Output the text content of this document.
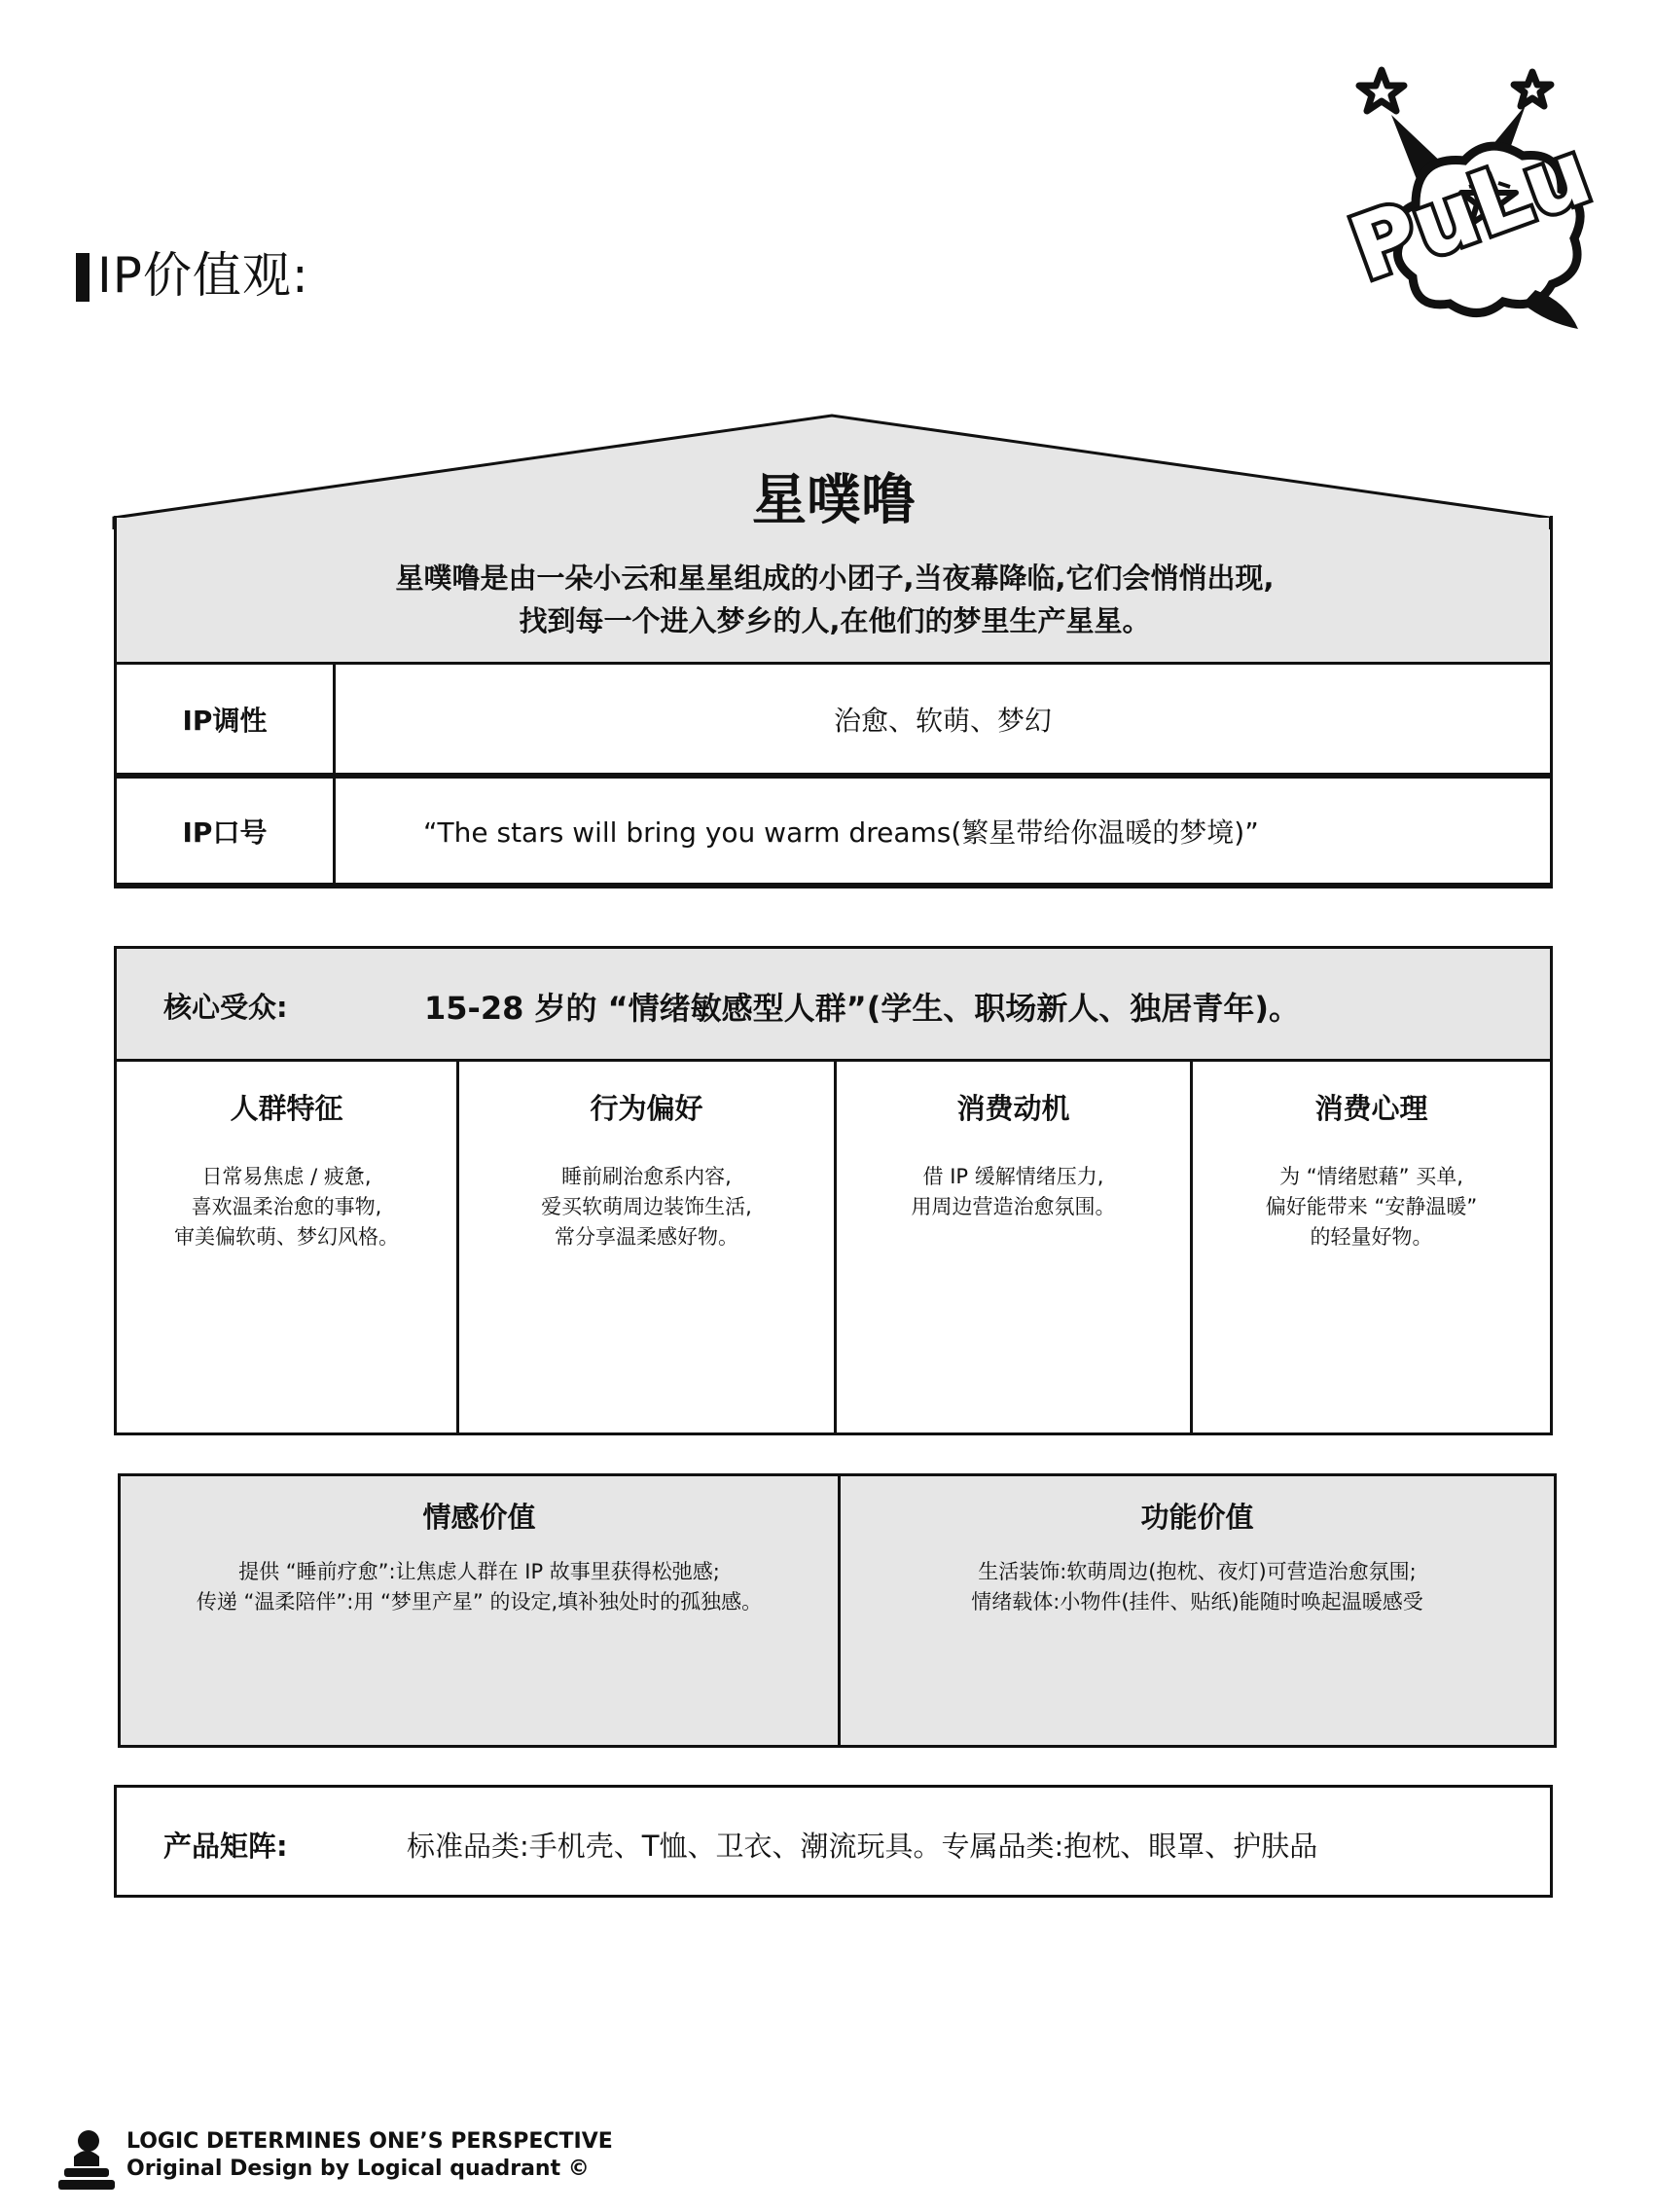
IP价值观:	PuLu
星噗噜
星噗噜是由一朵小云和星星组成的小团子,当夜幕降临,它们会悄悄出现,
找到每一个进入梦乡的人,在他们的梦里生产星星。
IP调性	治愈、软萌、梦幻
IP口号	“The stars will bring you warm dreams(繁星带给你温暖的梦境)”
核心受众:	15-28 岁的 “情绪敏感型人群”(学生、职场新人、独居青年)。
人群特征
日常易焦虑 / 疲惫,
喜欢温柔治愈的事物,
审美偏软萌、梦幻风格。
行为偏好
睡前刷治愈系内容,
爱买软萌周边装饰生活,
常分享温柔感好物。
消费动机
借 IP 缓解情绪压力,
用周边营造治愈氛围。
消费心理
为 “情绪慰藉” 买单,
偏好能带来 “安静温暖”
的轻量好物。
情感价值
提供 “睡前疗愈”:让焦虑人群在 IP 故事里获得松弛感;
传递 “温柔陪伴”:用 “梦里产星” 的设定,填补独处时的孤独感。
功能价值
生活装饰:软萌周边(抱枕、夜灯)可营造治愈氛围;
情绪载体:小物件(挂件、贴纸)能随时唤起温暖感受
产品矩阵:	标准品类:手机壳、T恤、卫衣、潮流玩具。专属品类:抱枕、眼罩、护肤品
LOGIC DETERMINES ONE’S PERSPECTIVE
Original Design by Logical quadrant ©
